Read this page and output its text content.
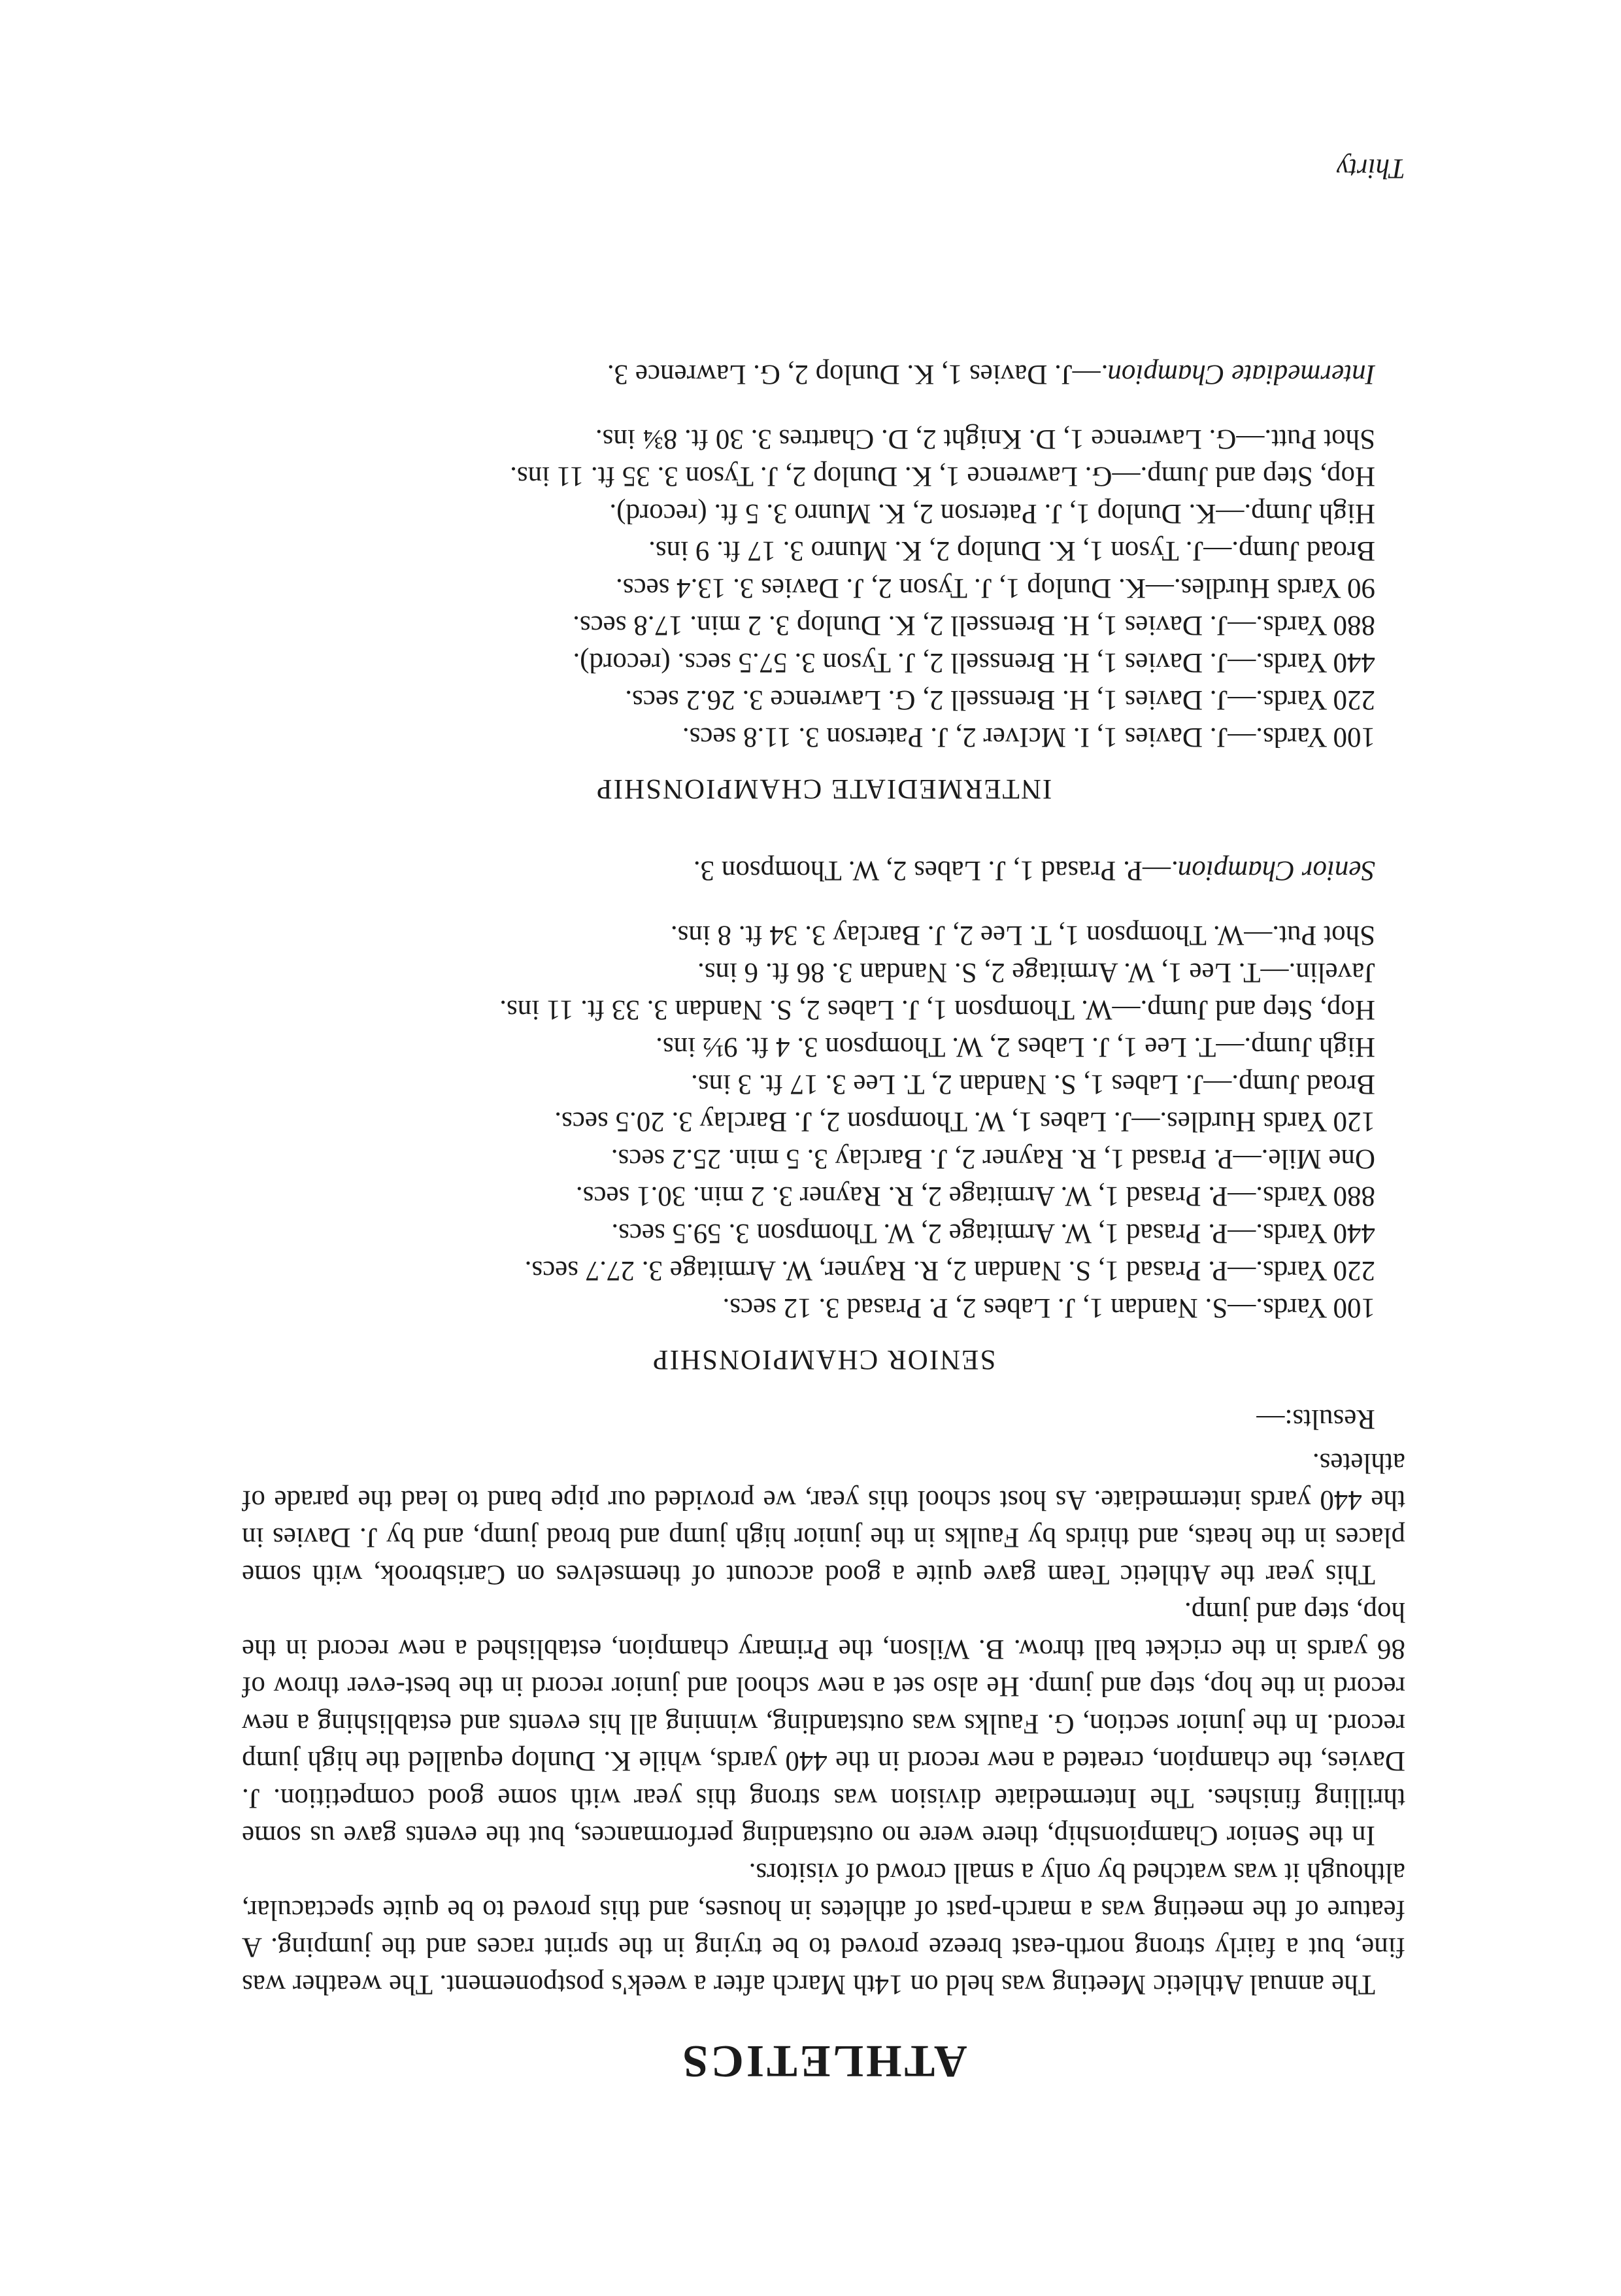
ATHLETICS

The annual Athletic Meeting was held on 14th March after a week's postponement. The weather was fine, but a fairly strong north-east breeze proved to be trying in the sprint races and the jumping. A feature of the meeting was a march-past of athletes in houses, and this proved to be quite spectacular, although it was watched by only a small crowd of visitors.

In the Senior Championship, there were no outstanding performances, but the events gave us some thrilling finishes. The Intermediate division was strong this year with some good competition. J. Davies, the champion, created a new record in the 440 yards, while K. Dunlop equalled the high jump record. In the junior section, G. Faulks was outstanding, winning all his events and establishing a new record in the hop, step and jump. He also set a new school and junior record in the best-ever throw of 86 yards in the cricket ball throw. B. Wilson, the Primary champion, established a new record in the hop, step and jump.

This year the Athletic Team gave quite a good account of themselves on Carisbrook, with some places in the heats, and thirds by Faulks in the junior high jump and broad jump, and by J. Davies in the 440 yards intermediate. As host school this year, we provided our pipe band to lead the parade of athletes.

Results:—
SENIOR CHAMPIONSHIP
100 Yards.—S. Nandan 1, J. Labes 2, P. Prasad 3. 12 secs.
220 Yards.—P. Prasad 1, S. Nandan 2, R. Rayner, W. Armitage 3. 27.7 secs.
440 Yards.—P. Prasad 1, W. Armitage 2, W. Thompson 3. 59.5 secs.
880 Yards.—P. Prasad 1, W. Armitage 2, R. Rayner 3. 2 min. 30.1 secs.
One Mile.—P. Prasad 1, R. Rayner 2, J. Barclay 3. 5 min. 25.2 secs.
120 Yards Hurdles.—J. Labes 1, W. Thompson 2, J. Barclay 3. 20.5 secs.
Broad Jump.—J. Labes 1, S. Nandan 2, T. Lee 3. 17 ft. 3 ins.
High Jump.—T. Lee 1, J. Labes 2, W. Thompson 3. 4 ft. 9½ ins.
Hop, Step and Jump.—W. Thompson 1, J. Labes 2, S. Nandan 3. 33 ft. 11 ins.
Javelin.—T. Lee 1, W. Armitage 2, S. Nandan 3. 86 ft. 6 ins.
Shot Put.—W. Thompson 1, T. Lee 2, J. Barclay 3. 34 ft. 8 ins.
Senior Champion.—P. Prasad 1, J. Labes 2, W. Thompson 3.
INTERMEDIATE CHAMPIONSHIP
100 Yards.—J. Davies 1, I. McIver 2, J. Paterson 3. 11.8 secs.
220 Yards.—J. Davies 1, H. Brenssell 2, G. Lawrence 3. 26.2 secs.
440 Yards.—J. Davies 1, H. Brenssell 2, J. Tyson 3. 57.5 secs. (record).
880 Yards.—J. Davies 1, H. Brenssell 2, K. Dunlop 3. 2 min. 17.8 secs.
90 Yards Hurdles.—K. Dunlop 1, J. Tyson 2, J. Davies 3. 13.4 secs.
Broad Jump.—J. Tyson 1, K. Dunlop 2, K. Munro 3. 17 ft. 9 ins.
High Jump.—K. Dunlop 1, J. Paterson 2, K. Munro 3. 5 ft. (record).
Hop, Step and Jump.—G. Lawrence 1, K. Dunlop 2, J. Tyson 3. 35 ft. 11 ins.
Shot Putt.—G. Lawrence 1, D. Knight 2, D. Chartres 3. 30 ft. 8¾ ins.
Intermediate Champion.—J. Davies 1, K. Dunlop 2, G. Lawrence 3.
Thirty
